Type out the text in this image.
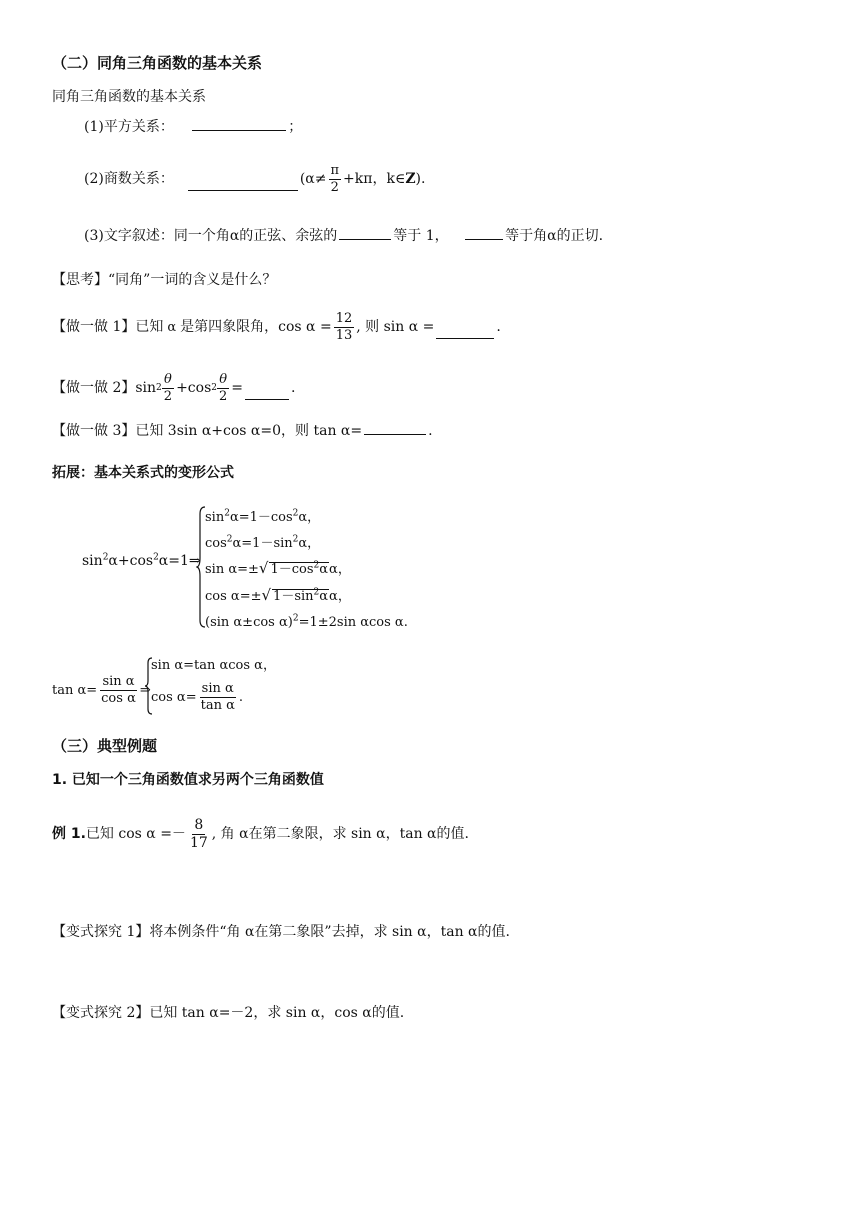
（二）同角三角函数的基本关系
同角三角函数的基本关系
(1)平方关系：	；
(2)商数关系：	($\alpha\ne \frac{\pi}{2} +k\pi$，k∈ Z ).
(3)文字叙述：同一个角α的正弦、余弦的	等于 1，	等于角α的正切.
【思考】“同角”一词的含义是什么？
【做一做 1】已知 α 是第四象限角，$\cos \alpha = \frac{12}{13}$ , 则 sin α =	.
【做一做 2】$\sin 2 \frac{\theta}{2} +\cos$ $2 \frac{\theta}{2}$ =	.
【做一做 3】已知 3sin α+cos α=0，则 tan α=	.
拓展：基本关系式的变形公式
$\sin^2\alpha+\cos^2\alpha=1\Rightarrow$
$\sin^2\alpha=1-\cos^2\alpha$，
$\cos^2\alpha=1-\sin^2\alpha$，
sin α=±√ $1-\cos^2\alpha\alpha$，
cos α=±√ $1-\sin^2\alpha\alpha$，
(sin α±cos α)$^2$=1±2sin αcos α.
$\tan \alpha= \frac{\text{sin α}}{\text{cos α}}$ ⇒
sin α=tan αcos α，
$\cos \alpha= \frac{\text{sin α}}{\text{tan α}}$ .
（三）典型例题
1. 已知一个三角函数值求另两个三角函数值
例 1. 已知 $\cos \alpha =- \frac{8}{17}$ , 角 α在第二象限，求 sin α，tan α的值.
【变式探究 1】将本例条件“角 α在第二象限”去掉，求 sin α，tan α的值.
【变式探究 2】已知 tan α=－2，求 sin α，cos α的值.
